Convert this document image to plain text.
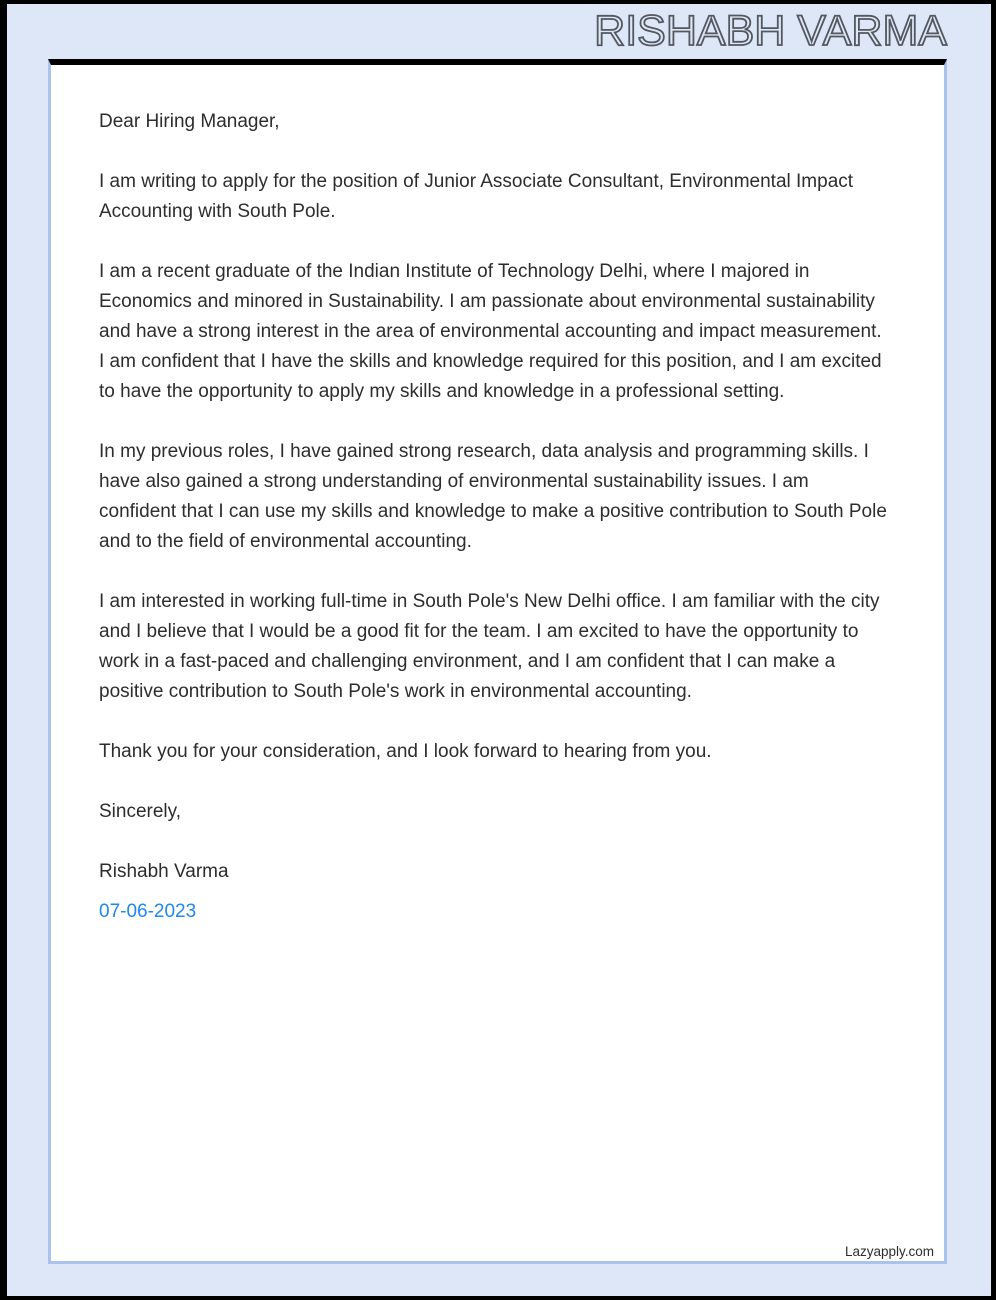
RISHABH VARMA

Dear Hiring Manager,

I am writing to apply for the position of Junior Associate Consultant, Environmental Impact Accounting with South Pole.

I am a recent graduate of the Indian Institute of Technology Delhi, where I majored in Economics and minored in Sustainability. I am passionate about environmental sustainability and have a strong interest in the area of environmental accounting and impact measurement. I am confident that I have the skills and knowledge required for this position, and I am excited to have the opportunity to apply my skills and knowledge in a professional setting.

In my previous roles, I have gained strong research, data analysis and programming skills. I have also gained a strong understanding of environmental sustainability issues. I am confident that I can use my skills and knowledge to make a positive contribution to South Pole and to the field of environmental accounting.

I am interested in working full-time in South Pole's New Delhi office. I am familiar with the city and I believe that I would be a good fit for the team. I am excited to have the opportunity to work in a fast-paced and challenging environment, and I am confident that I can make a positive contribution to South Pole's work in environmental accounting.

Thank you for your consideration, and I look forward to hearing from you.

Sincerely,

Rishabh Varma

07-06-2023

Lazyapply.com
